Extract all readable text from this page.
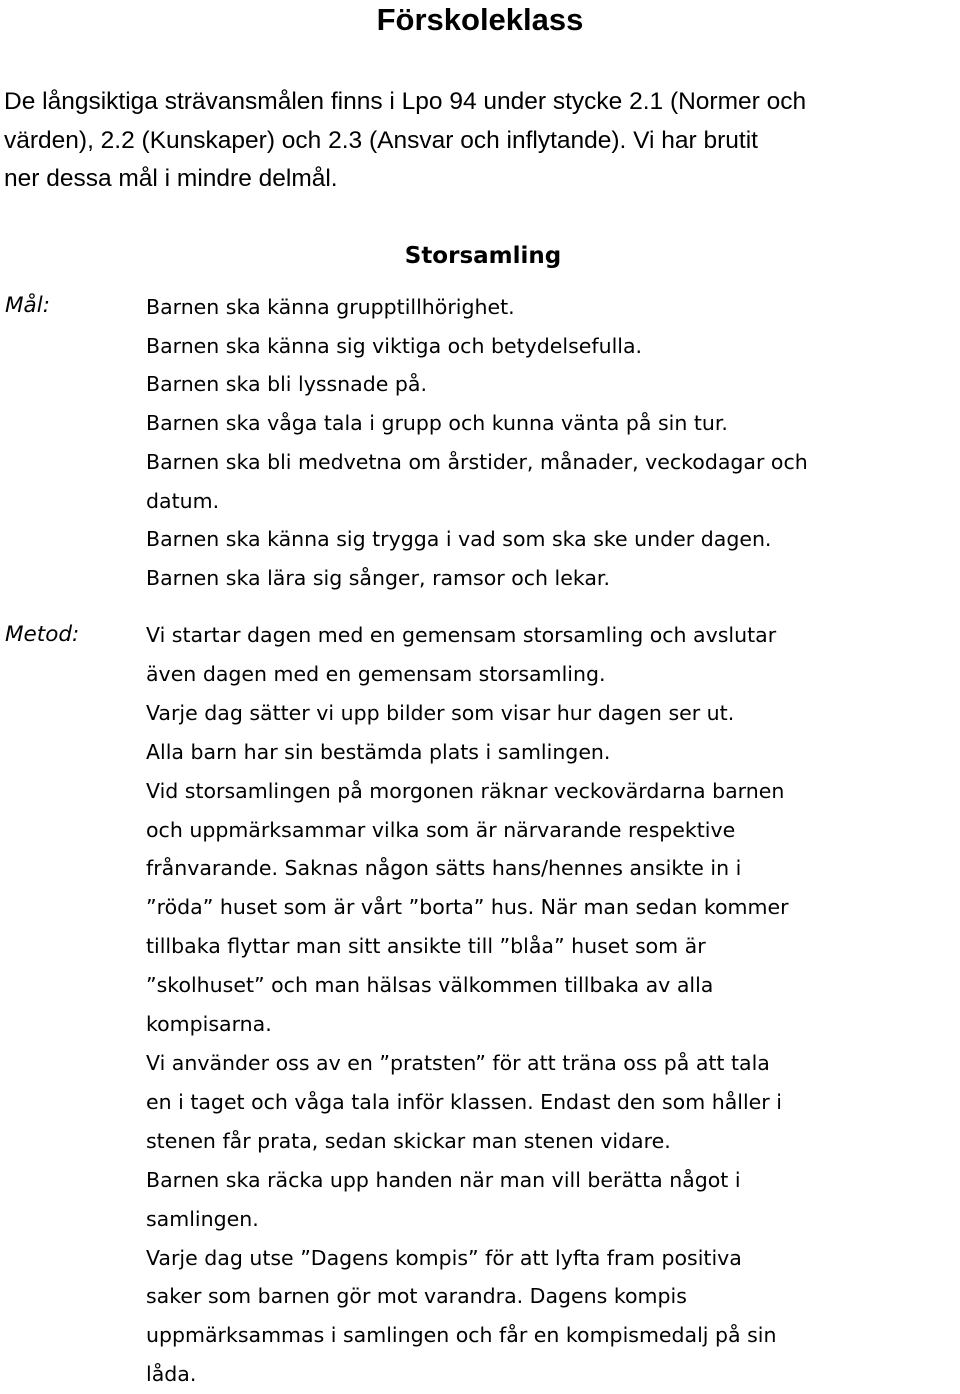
Förskoleklass

De långsiktiga strävansmålen finns i Lpo 94 under stycke 2.1 (Normer och
värden), 2.2 (Kunskaper) och 2.3 (Ansvar och inflytande). Vi har brutit
ner dessa mål i mindre delmål.

Storsamling
Mål:	Barnen ska känna grupptillhörighet.
Barnen ska känna sig viktiga och betydelsefulla.
Barnen ska bli lyssnade på.
Barnen ska våga tala i grupp och kunna vänta på sin tur.
Barnen ska bli medvetna om årstider, månader, veckodagar och
datum.
Barnen ska känna sig trygga i vad som ska ske under dagen.
Barnen ska lära sig sånger, ramsor och lekar.
Metod:	Vi startar dagen med en gemensam storsamling och avslutar
även dagen med en gemensam storsamling.

Varje dag sätter vi upp bilder som visar hur dagen ser ut.

Alla barn har sin bestämda plats i samlingen.

Vid storsamlingen på morgonen räknar veckovärdarna barnen
och uppmärksammar vilka som är närvarande respektive
frånvarande. Saknas någon sätts hans/hennes ansikte in i
”röda” huset som är vårt ”borta” hus. När man sedan kommer
tillbaka flyttar man sitt ansikte till ”blåa” huset som är
”skolhuset” och man hälsas välkommen tillbaka av alla
kompisarna.

Vi använder oss av en ”pratsten” för att träna oss på att tala
en i taget och våga tala inför klassen. Endast den som håller i
stenen får prata, sedan skickar man stenen vidare.

Barnen ska räcka upp handen när man vill berätta något i
samlingen.

Varje dag utse ”Dagens kompis” för att lyfta fram positiva
saker som barnen gör mot varandra. Dagens kompis
uppmärksammas i samlingen och får en kompismedalj på sin
låda.
